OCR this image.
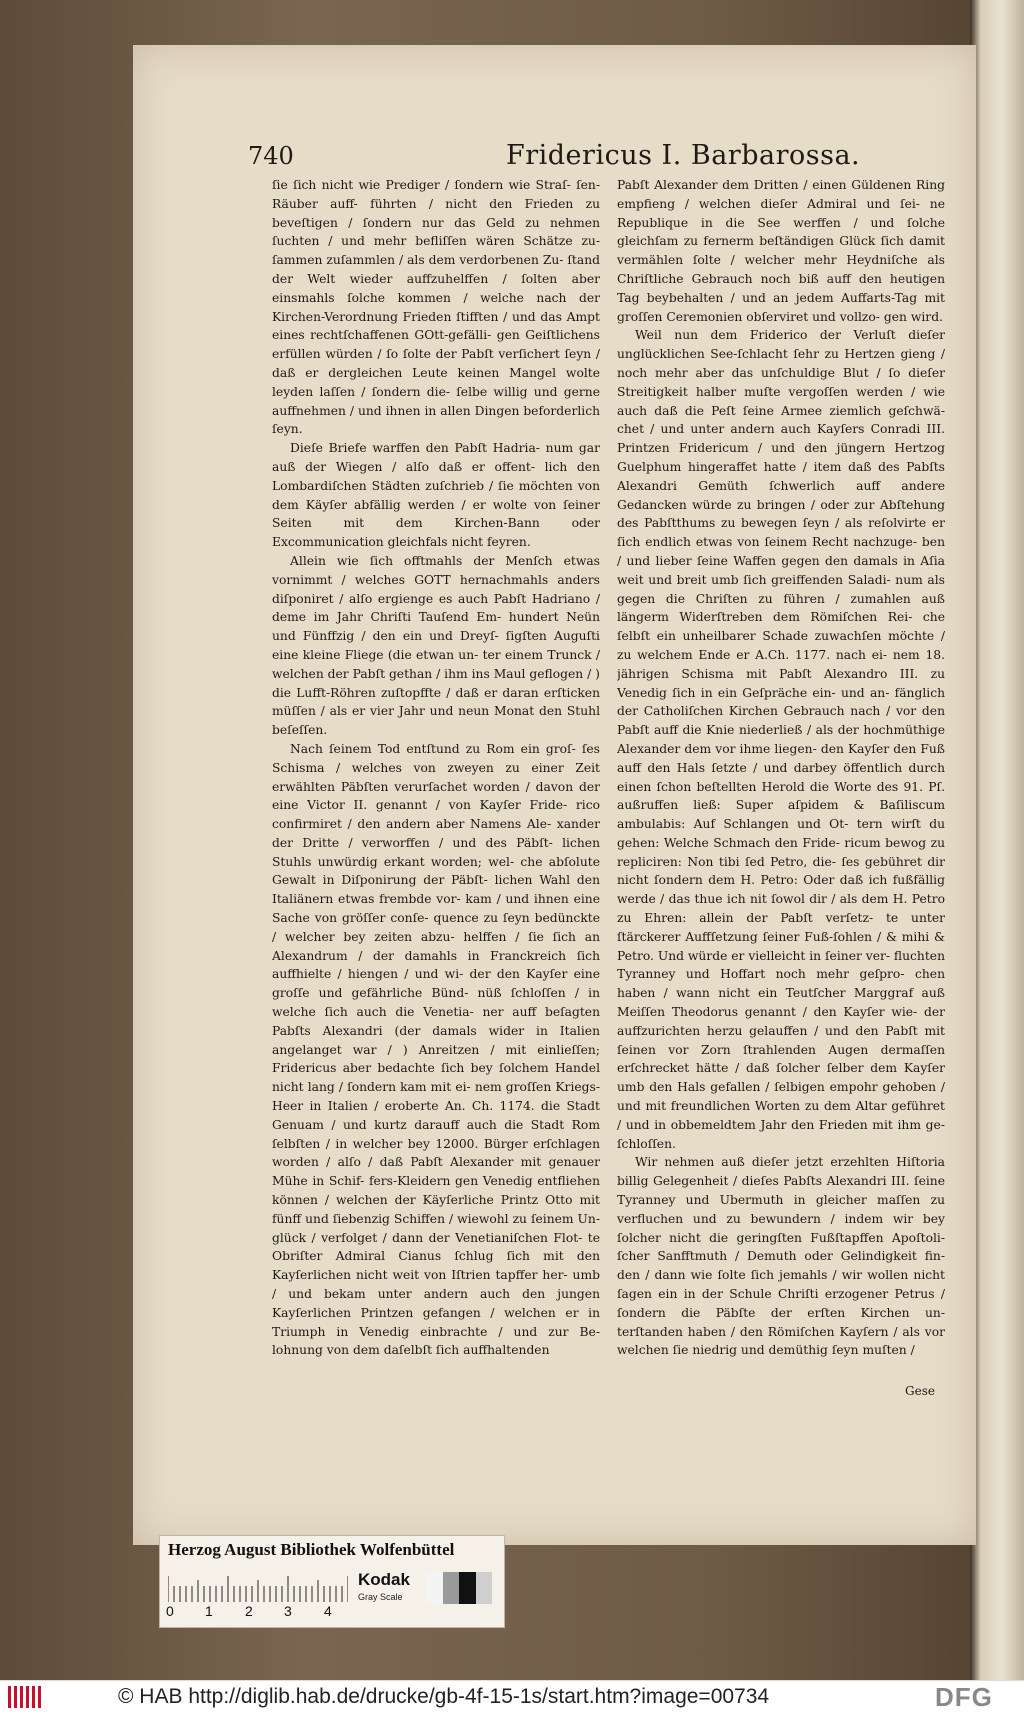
740	Fridericus I. Barbarossa.

ſie ſich nicht wie Prediger / ſondern wie Straſ- ſen-Räuber auff- führten / nicht den Frieden zu beveſtigen / ſondern nur das Geld zu nehmen ſuchten / und mehr befliſſen wären Schätze zu- ſammen zuſammlen / als dem verdorbenen Zu- ſtand der Welt wieder auffzuhelffen / ſolten aber einsmahls ſolche kommen / welche nach der Kirchen-Verordnung Frieden ſtifften / und das Ampt eines rechtſchaffenen GOtt-gefälli- gen Geiſtlichens erfüllen würden / ſo ſolte der Pabſt verſichert ſeyn / daß er dergleichen Leute keinen Mangel wolte leyden laſſen / ſondern die- ſelbe willig und gerne auffnehmen / und ihnen in allen Dingen beforderlich ſeyn.

Dieſe Briefe warffen den Pabſt Hadria- num gar auß der Wiegen / alſo daß er offent- lich den Lombardiſchen Städten zuſchrieb / ſie möchten von dem Käyſer abfällig werden / er wolte von ſeiner Seiten mit dem Kirchen-Bann oder Excommunication gleichfals nicht feyren.

Allein wie ſich offtmahls der Menſch etwas vornimmt / welches GOTT hernachmahls anders diſponiret / alſo ergienge es auch Pabſt Hadriano / deme im Jahr Chriſti Tauſend Em- hundert Neün und Fünffzig / den ein und Dreyſ- ſigſten Auguſti eine kleine Fliege (die etwan un- ter einem Trunck / welchen der Pabſt gethan / ihm ins Maul geflogen / ) die Lufft-Röhren zuſtopffte / daß er daran erſticken müſſen / als er vier Jahr und neun Monat den Stuhl beſeſſen.

Nach ſeinem Tod entſtund zu Rom ein groſ- ſes Schisma / welches von zweyen zu einer Zeit erwählten Päbſten verurſachet worden / davon der eine Victor II. genannt / von Kayſer Fride- rico confirmiret / den andern aber Namens Ale- xander der Dritte / verworffen / und des Päbſt- lichen Stuhls unwürdig erkant worden; wel- che abſolute Gewalt in Diſponirung der Päbſt- lichen Wahl den Italiänern etwas frembde vor- kam / und ihnen eine Sache von gröſſer conſe- quence zu ſeyn bedünckte / welcher bey zeiten abzu- helffen / ſie ſich an Alexandrum / der damahls in Franckreich ſich auffhielte / hiengen / und wi- der den Kayſer eine groſſe und gefährliche Bünd- nüß ſchloſſen / in welche ſich auch die Venetia- ner auff beſagten Pabſts Alexandri (der damals wider in Italien angelanget war / ) Anreitzen / mit einlieſſen; Fridericus aber bedachte ſich bey ſolchem Handel nicht lang / ſondern kam mit ei- nem groſſen Kriegs-Heer in Italien / eroberte An. Ch. 1174. die Stadt Genuam / und kurtz darauff auch die Stadt Rom ſelbſten / in welcher bey 12000. Bürger erſchlagen worden / alſo / daß Pabſt Alexander mit genauer Mühe in Schif- fers-Kleidern gen Venedig entfliehen können / welchen der Käyſerliche Printz Otto mit fünff und ſiebenzig Schiffen / wiewohl zu ſeinem Un- glück / verfolget / dann der Venetianiſchen Flot- te Obriſter Admiral Cianus ſchlug ſich mit den Kayſerlichen nicht weit von Iſtrien tapffer her- umb / und bekam unter andern auch den jungen Kayſerlichen Printzen gefangen / welchen er in Triumph in Venedig einbrachte / und zur Be- lohnung von dem daſelbſt ſich auffhaltenden

Pabſt Alexander dem Dritten / einen Güldenen Ring empfieng / welchen dieſer Admiral und ſei- ne Republique in die See werffen / und ſolche gleichſam zu fernerm beſtändigen Glück ſich damit vermählen ſolte / welcher mehr Heydniſche als Chriſtliche Gebrauch noch biß auff den heutigen Tag beybehalten / und an jedem Auffarts-Tag mit groſſen Ceremonien obſerviret und vollzo- gen wird.

Weil nun dem Friderico der Verluſt dieſer unglücklichen See-ſchlacht ſehr zu Hertzen gieng / noch mehr aber das unſchuldige Blut / ſo dieſer Streitigkeit halber muſte vergoſſen werden / wie auch daß die Peſt ſeine Armee ziemlich geſchwä- chet / und unter andern auch Kayſers Conradi III. Printzen Fridericum / und den jüngern Hertzog Guelphum hingeraffet hatte / item daß des Pabſts Alexandri Gemüth ſchwerlich auff andere Gedancken würde zu bringen / oder zur Abſtehung des Pabſtthums zu bewegen ſeyn / als reſolvirte er ſich endlich etwas von ſeinem Recht nachzuge- ben / und lieber ſeine Waffen gegen den damals in Aſia weit und breit umb ſich greiffenden Saladi- num als gegen die Chriſten zu führen / zumahlen auß längerm Widerſtreben dem Römiſchen Rei- che ſelbſt ein unheilbarer Schade zuwachſen möchte / zu welchem Ende er A.Ch. 1177. nach ei- nem 18. jährigen Schisma mit Pabſt Alexandro III. zu Venedig ſich in ein Geſpräche ein- und an- fänglich der Catholiſchen Kirchen Gebrauch nach / vor den Pabſt auff die Knie niederließ / als der hochmüthige Alexander dem vor ihme liegen- den Kayſer den Fuß auff den Hals ſetzte / und darbey öffentlich durch einen ſchon beſtellten Herold die Worte des 91. Pſ. außruffen ließ: Super aſpidem & Baſiliscum ambulabis: Auf Schlangen und Ot- tern wirſt du gehen: Welche Schmach den Fride- ricum bewog zu repliciren: Non tibi ſed Petro, die- ſes gebühret dir nicht ſondern dem H. Petro: Oder daß ich fußfällig werde / das thue ich nit ſowol dir / als dem H. Petro zu Ehren: allein der Pabſt verſetz- te unter ſtärckerer Auffſetzung ſeiner Fuß-ſohlen / & mihi & Petro. Und würde er vielleicht in ſeiner ver- fluchten Tyranney und Hoffart noch mehr geſpro- chen haben / wann nicht ein Teutſcher Marggraf auß Meiſſen Theodorus genannt / den Kayſer wie- der auffzurichten herzu gelauffen / und den Pabſt mit ſeinen vor Zorn ſtrahlenden Augen dermaſſen erſchrecket hätte / daß ſolcher ſelber dem Kayſer umb den Hals gefallen / ſelbigen empohr gehoben / und mit freundlichen Worten zu dem Altar geführet / und in obbemeldtem Jahr den Frieden mit ihm ge- ſchloſſen.

Wir nehmen auß dieſer jetzt erzehlten Hiſtoria billig Gelegenheit / dieſes Pabſts Alexandri III. ſeine Tyranney und Ubermuth in gleicher maſſen zu verfluchen und zu bewundern / indem wir bey ſolcher nicht die geringſten Fußſtapffen Apoſtoli- ſcher Sanfftmuth / Demuth oder Gelindigkeit fin- den / dann wie ſolte ſich jemahls / wir wollen nicht ſagen ein in der Schule Chriſti erzogener Petrus / ſondern die Päbſte der erſten Kirchen un- terſtanden haben / den Römiſchen Kayſern / als vor welchen ſie niedrig und demüthig ſeyn muſten /

Gese
Herzog August Bibliothek Wolfenbüttel
0 1 2 3 4
Kodak
Gray Scale
© HAB http://diglib.hab.de/drucke/gb-4f-15-1s/start.htm?image=00734	DFG
